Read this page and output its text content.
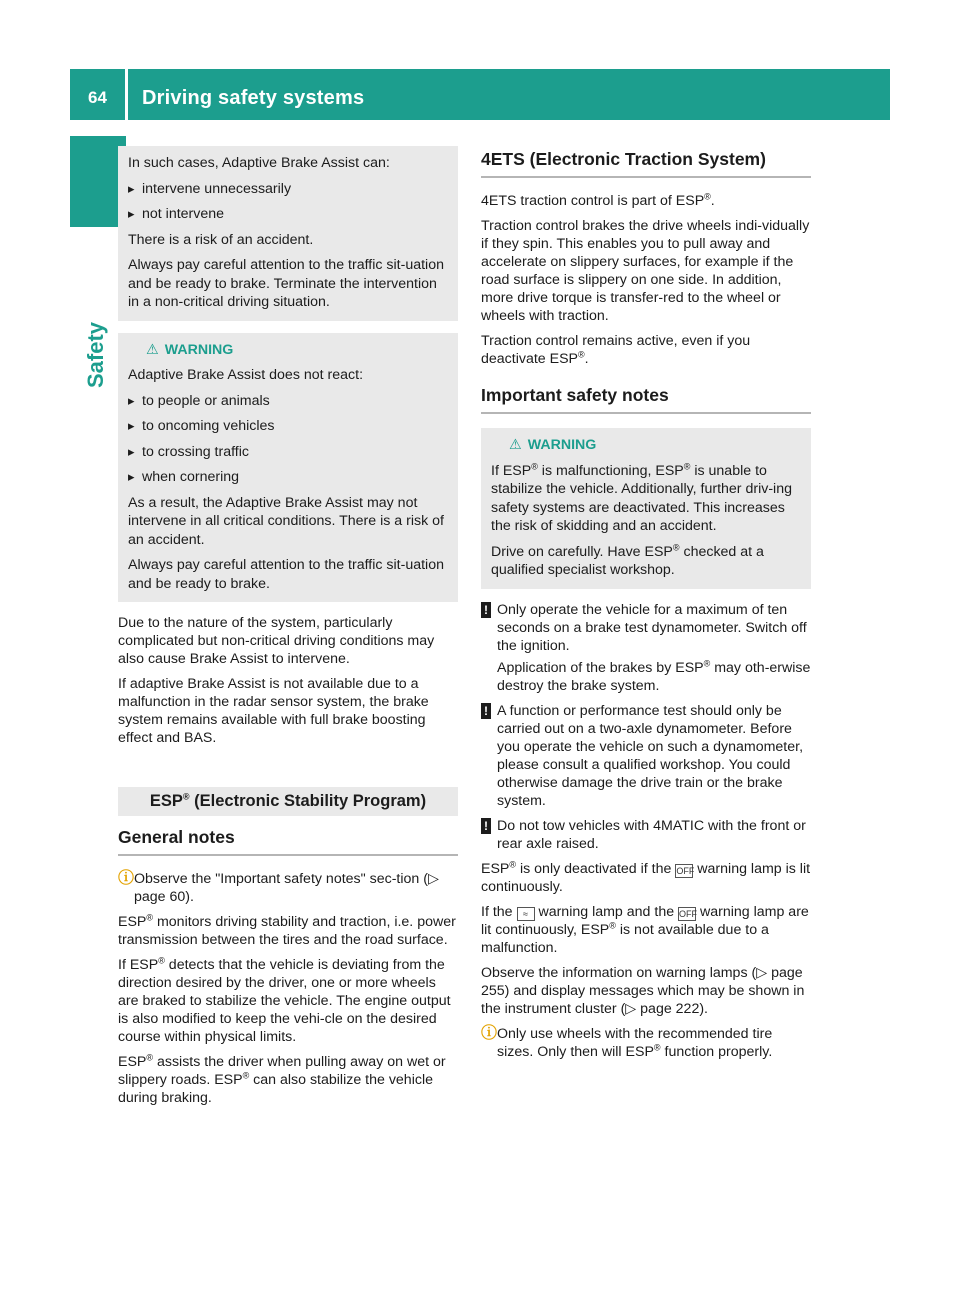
64	Driving safety systems
Safety

In such cases, Adaptive Brake Assist can:

▸ intervene unnecessarily

▸ not intervene

There is a risk of an accident.

Always pay careful attention to the traffic sit-uation and be ready to brake. Terminate the intervention in a non-critical driving situation.

⚠ WARNING

Adaptive Brake Assist does not react:

▸ to people or animals

▸ to oncoming vehicles

▸ to crossing traffic

▸ when cornering

As a result, the Adaptive Brake Assist may not intervene in all critical conditions. There is a risk of an accident.

Always pay careful attention to the traffic sit-uation and be ready to brake.

Due to the nature of the system, particularly complicated but non-critical driving conditions may also cause Brake Assist to intervene.

If adaptive Brake Assist is not available due to a malfunction in the radar sensor system, the brake system remains available with full brake boosting effect and BAS.

ESP® (Electronic Stability Program)
General notes

ⓘ Observe the "Important safety notes" sec-tion (▷ page 60).

ESP® monitors driving stability and traction, i.e. power transmission between the tires and the road surface.

If ESP® detects that the vehicle is deviating from the direction desired by the driver, one or more wheels are braked to stabilize the vehicle. The engine output is also modified to keep the vehi-cle on the desired course within physical limits.

ESP® assists the driver when pulling away on wet or slippery roads. ESP® can also stabilize the vehicle during braking.

4ETS (Electronic Traction System)

4ETS traction control is part of ESP®.

Traction control brakes the drive wheels indi-vidually if they spin. This enables you to pull away and accelerate on slippery surfaces, for example if the road surface is slippery on one side. In addition, more drive torque is transfer-red to the wheel or wheels with traction.

Traction control remains active, even if you deactivate ESP®.

Important safety notes

⚠ WARNING

If ESP® is malfunctioning, ESP® is unable to stabilize the vehicle. Additionally, further driv-ing safety systems are deactivated. This increases the risk of skidding and an accident.

Drive on carefully. Have ESP® checked at a qualified specialist workshop.

! Only operate the vehicle for a maximum of ten seconds on a brake test dynamometer. Switch off the ignition.

Application of the brakes by ESP® may oth-erwise destroy the brake system.

! A function or performance test should only be carried out on a two-axle dynamometer. Before you operate the vehicle on such a dynamometer, please consult a qualified workshop. You could otherwise damage the drive train or the brake system.

! Do not tow vehicles with 4MATIC with the front or rear axle raised.

ESP® is only deactivated if the OFF warning lamp is lit continuously.

If the ≈ warning lamp and the OFF warning lamp are lit continuously, ESP® is not available due to a malfunction.

Observe the information on warning lamps (▷ page 255) and display messages which may be shown in the instrument cluster (▷ page 222).

ⓘ Only use wheels with the recommended tire sizes. Only then will ESP® function properly.
